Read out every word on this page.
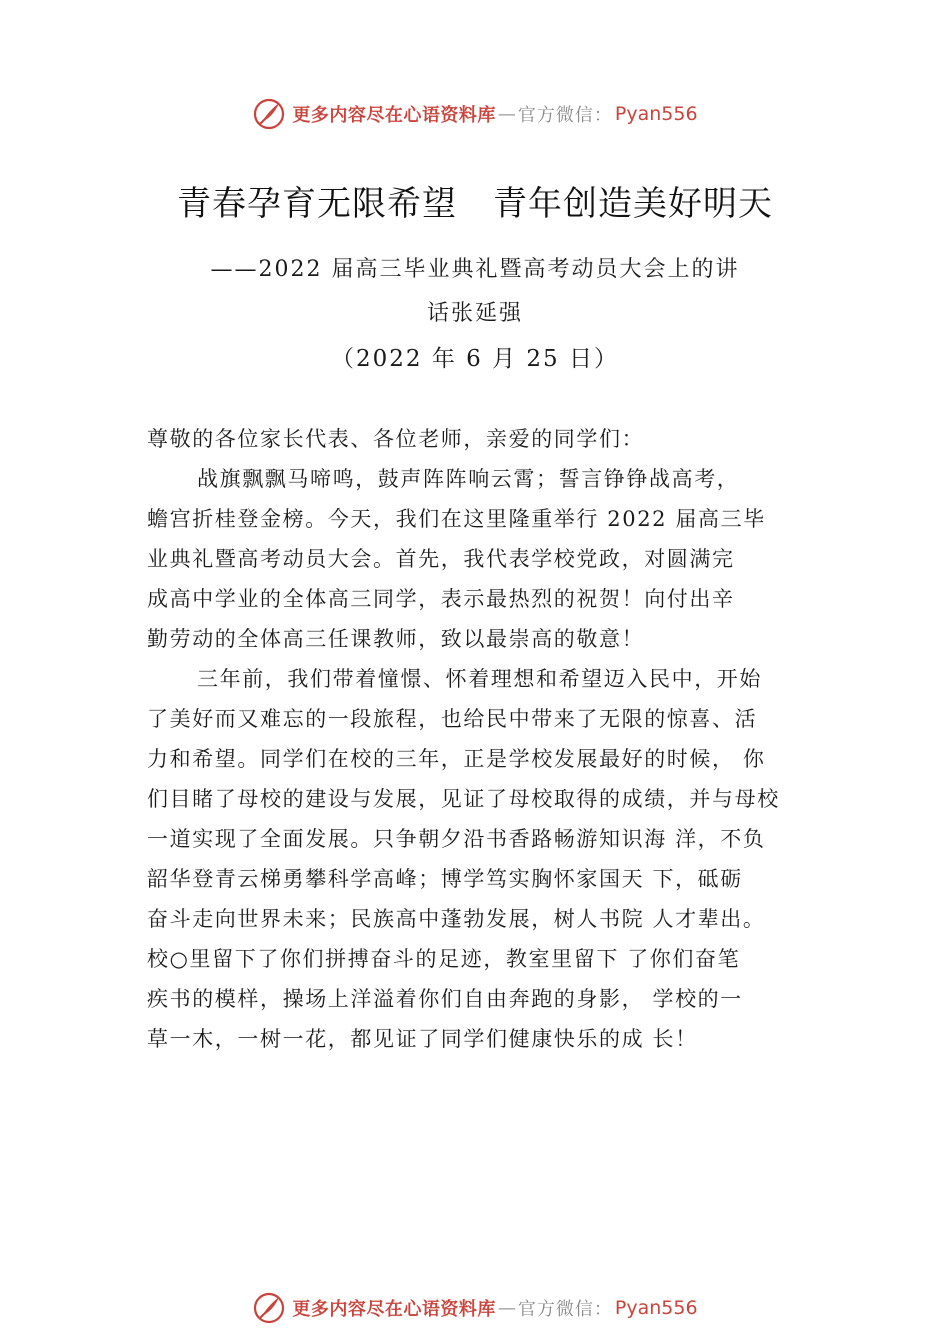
更多内容尽在心语资料库 — 官方微信： Pyan556
青春孕育无限希望 青年创造美好明天

——2022 届高三毕业典礼暨高考动员大会上的讲

话张延强

（2022 年 6 月 25 日）

尊敬的各位家长代表、各位老师，亲爱的同学们：

战旗飘飘马啼鸣，鼓声阵阵响云霄；誓言铮铮战高考，

蟾宫折桂登金榜。今天，我们在这里隆重举行 2022 届高三毕

业典礼暨高考动员大会。首先，我代表学校党政，对圆满完

成高中学业的全体高三同学，表示最热烈的祝贺！向付出辛

勤劳动的全体高三任课教师，致以最崇高的敬意！

三年前，我们带着憧憬、怀着理想和希望迈入民中，开始

了美好而又难忘的一段旅程，也给民中带来了无限的惊喜、活

力和希望。同学们在校的三年，正是学校发展最好的时候， 你

们目睹了母校的建设与发展，见证了母校取得的成绩，并与母校

一道实现了全面发展。只争朝夕沿书香路畅游知识海 洋，不负

韶华登青云梯勇攀科学高峰；博学笃实胸怀家国天 下，砥砺

奋斗走向世界未来；民族高中蓬勃发展，树人书院 人才辈出。

校○里留下了你们拼搏奋斗的足迹，教室里留下 了你们奋笔

疾书的模样，操场上洋溢着你们自由奔跑的身影， 学校的一

草一木，一树一花，都见证了同学们健康快乐的成 长！

更多内容尽在心语资料库 — 官方微信： Pyan556
